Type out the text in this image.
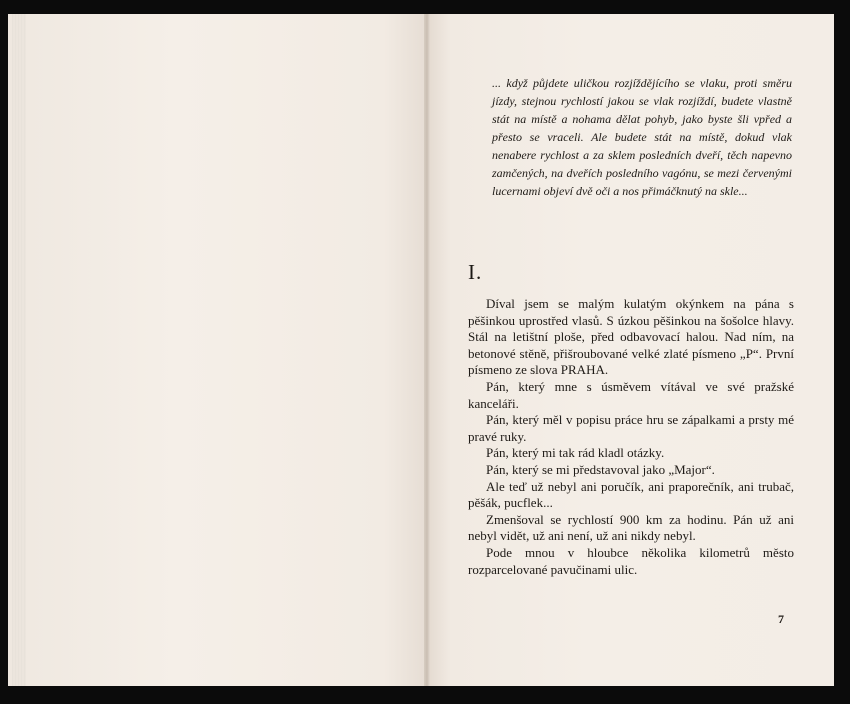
... když půjdete uličkou rozjíždějícího se vlaku, proti směru jízdy, stejnou rychlostí jakou se vlak rozjíždí, budete vlastně stát na místě a nohama dělat pohyb, jako byste šli vpřed a přesto se vraceli. Ale budete stát na místě, dokud vlak nenabere rychlost a za sklem posledních dveří, těch napevno zamčených, na dveřích posledního vagónu, se mezi červenými lucernami objeví dvě oči a nos přimáčknutý na skle...

I.

Díval jsem se malým kulatým okýnkem na pána s pěšinkou uprostřed vlasů. S úzkou pěšinkou na šošolce hlavy. Stál na letištní ploše, před odbavovací halou. Nad ním, na betonové stěně, přišroubované velké zlaté písmeno „P“. První písmeno ze slova PRAHA.

Pán, který mne s úsměvem vítával ve své pražské kanceláři.

Pán, který měl v popisu práce hru se zápalkami a prsty mé pravé ruky.

Pán, který mi tak rád kladl otázky.

Pán, který se mi představoval jako „Major“.

Ale teď už nebyl ani poručík, ani praporečník, ani trubač, pěšák, pucflek...

Zmenšoval se rychlostí 900 km za hodinu. Pán už ani nebyl vidět, už ani není, už ani nikdy nebyl.

Pode mnou v hloubce několika kilometrů město rozparcelované pavučinami ulic.

7
